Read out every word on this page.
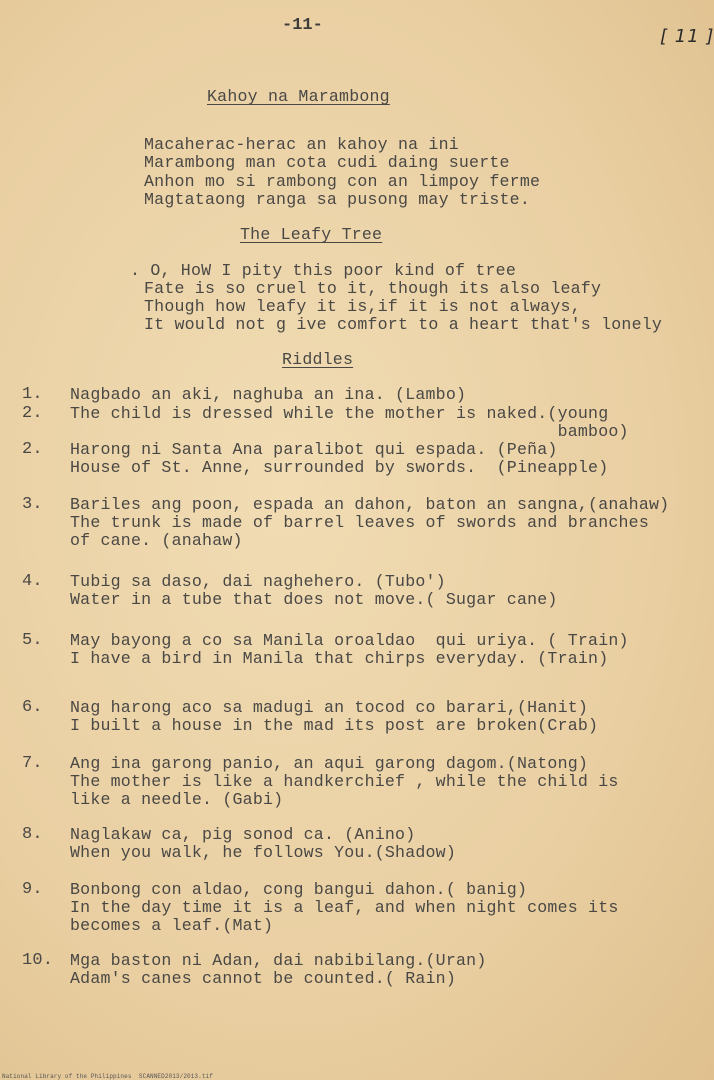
-11-
[ 11 ]
Kahoy na Marambong
Macaherac-herac an kahoy na ini
Marambong man cota cudi daing suerte
Anhon mo si rambong con an limpoy ferme
Magtataong ranga sa pusong may triste.
The Leafy Tree
. O, HoW I pity this poor kind of tree
Fate is so cruel to it, though its also leafy
Though how leafy it is,if it is not always,
It would not g ive comfort to a heart that's lonely
Riddles
1. Nagbado an aki, naghuba an ina. (Lambo)
2. The child is dressed while the mother is naked.(young
bamboo)
2. Harong ni Santa Ana paralibot qui espada. (Peña)
House of St. Anne, surrounded by swords.  (Pineapple)
3. Bariles ang poon, espada an dahon, baton an sangna,(anahaw)
The trunk is made of barrel leaves of swords and branches
of cane. (anahaw)
4. Tubig sa daso, dai naghehero. (Tubo')
Water in a tube that does not move.( Sugar cane)
5. May bayong a co sa Manila oroaldao  qui uriya. ( Train)
I have a bird in Manila that chirps everyday. (Train)
6. Nag harong aco sa madugi an tocod co barari,(Hanit)
I built a house in the mad its post are broken(Crab)
7. Ang ina garong panio, an aqui garong dagom.(Natong)
The mother is like a handkerchief , while the child is
like a needle. (Gabi)
8. Naglakaw ca, pig sonod ca. (Anino)
When you walk, he follows You.(Shadow)
9. Bonbong con aldao, cong bangui dahon.( banig)
In the day time it is a leaf, and when night comes its
becomes a leaf.(Mat)
10. Mga baston ni Adan, dai nabibilang.(Uran)
Adam's canes cannot be counted.( Rain)
National Library of the Philippines  SCANNED2013/2013.tif
